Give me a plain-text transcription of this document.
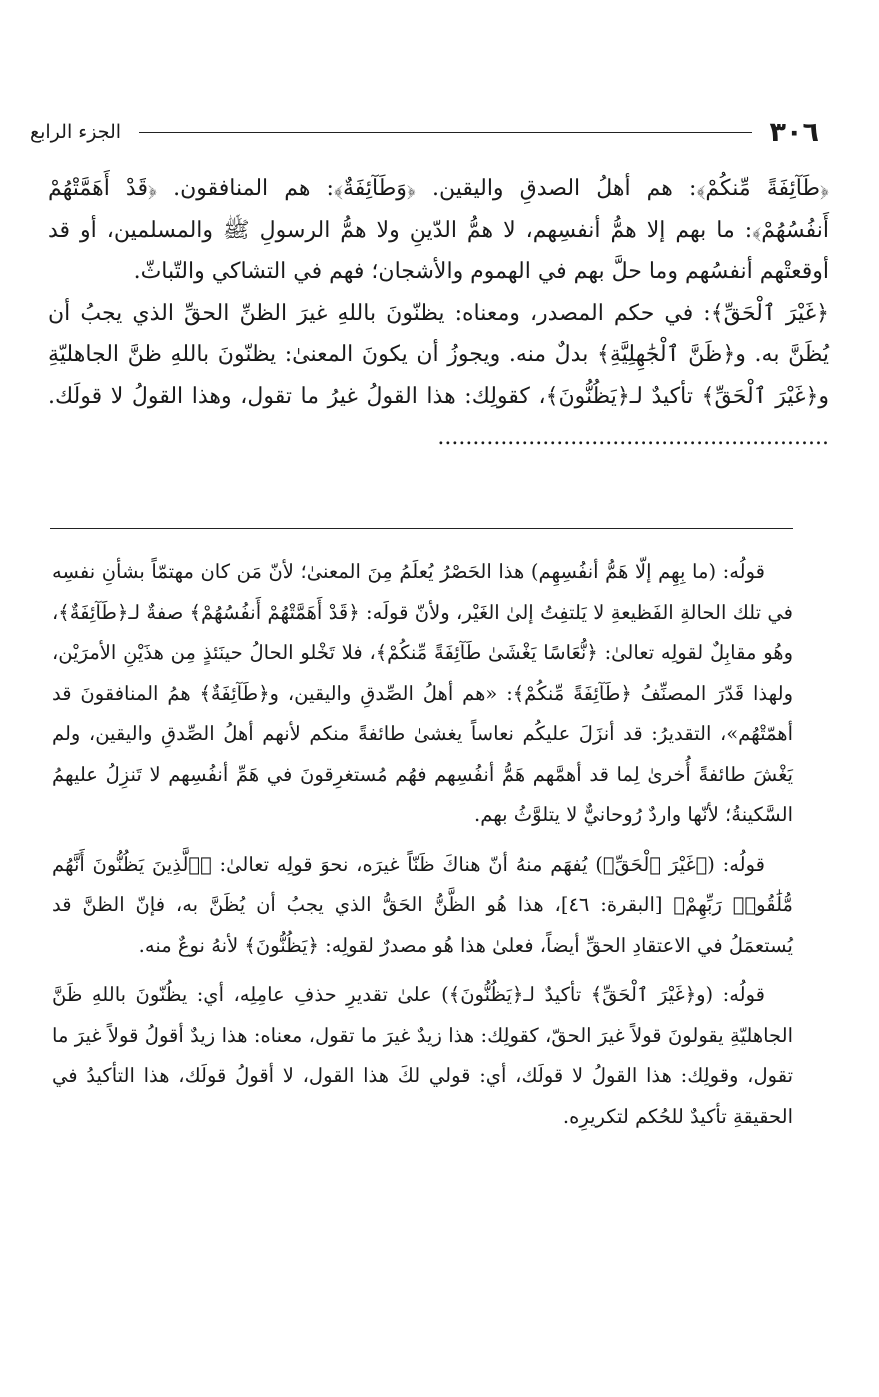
٣٠٦
الجزء الرابع

﴿طَآئِفَةً مِّنكُمْ﴾: هم أهلُ الصدقِ واليقين. ﴿وَطَآئِفَةٌ﴾: هم المنافقون. ﴿قَدْ أَهَمَّتْهُمْ أَنفُسُهُمْ﴾: ما بهم إلا همُّ أنفسِهم، لا همُّ الدّينِ ولا همُّ الرسولِ ﷺ والمسلمين، أو قد أوقعتْهم أنفسُهم وما حلَّ بهم في الهموم والأشجان؛ فهم في التشاكي والتّباثّ.

﴿غَيْرَ ٱلْحَقِّ﴾: في حكم المصدر، ومعناه: يظنّونَ باللهِ غيرَ الظنِّ الحقِّ الذي يجبُ أن يُظَنَّ به. و﴿ظَنَّ ٱلْجَٰهِلِيَّةِ﴾ بدلٌ منه. ويجوزُ أن يكونَ المعنىٰ: يظنّونَ باللهِ ظنَّ الجاهليّةِ و﴿غَيْرَ ٱلْحَقِّ﴾ تأكيدٌ لـ﴿يَظُنُّونَ﴾، كقولِك: هذا القولُ غيرُ ما تقول، وهذا القولُ لا قولَك. ........................................................

قولُه: (ما بِهِم إلّا هَمُّ أنفُسِهِم) هذا الحَصْرُ يُعلَمُ مِنَ المعنىٰ؛ لأنّ مَن كان مهتمّاً بشأنِ نفسِه في تلك الحالةِ الفَظيعةِ لا يَلتفِتُ إلىٰ الغَيْر، ولأنّ قولَه: ﴿قَدْ أَهَمَّتْهُمْ أَنفُسُهُمْ﴾ صفةٌ لـ﴿طَآئِفَةٌ﴾، وهُو مقابِلٌ لقولِه تعالىٰ: ﴿نُّعَاسًا يَغْشَىٰ طَآئِفَةً مِّنكُمْ﴾، فلا تَخْلو الحالُ حينَئذٍ مِن هذَيْنِ الأمرَيْن، ولهذا قَدّرَ المصنِّفُ ﴿طَآئِفَةً مِّنكُمْ﴾: «هم أهلُ الصِّدقِ واليقين، و﴿طَآئِفَةٌ﴾ همُ المنافقونَ قد أهمّتْهُم»، التقديرُ: قد أنزَلَ عليكُم نعاساً يغشىٰ طائفةً منكم لأنهم أهلُ الصِّدقِ واليقين، ولم يَغْشَ طائفةً أُخرىٰ لِما قد أهمَّهم هَمُّ أنفُسِهم فهُم مُستغرِقونَ في هَمِّ أنفُسِهم لا تَنزِلُ عليهمُ السَّكينةُ؛ لأنّها واردٌ رُوحانيٌّ لا يتلوَّثُ بهم.

قولُه: (﴿غَيْرَ ٱلْحَقِّ﴾) يُفهَم منهُ أنّ هناكَ ظَنّاً غيرَه، نحوَ قولِه تعالىٰ: ﴿ٱلَّذِينَ يَظُنُّونَ أَنَّهُم مُّلَٰقُوا۟ رَبِّهِمْ﴾ [البقرة: ٤٦]، هذا هُو الظَّنُّ الحَقُّ الذي يجبُ أن يُظَنَّ به، فإنّ الظنَّ قد يُستعمَلُ في الاعتقادِ الحقِّ أيضاً، فعلىٰ هذا هُو مصدرٌ لقولِه: ﴿يَظُنُّونَ﴾ لأنهُ نوعٌ منه.

قولُه: (و﴿غَيْرَ ٱلْحَقِّ﴾ تأكيدٌ لـ﴿يَظُنُّونَ﴾) علىٰ تقديرِ حذفِ عامِلِه، أي: يظُنّونَ باللهِ ظَنَّ الجاهليّةِ يقولونَ قولاً غيرَ الحقّ، كقولِك: هذا زيدٌ غيرَ ما تقول، معناه: هذا زيدٌ أقولُ قولاً غيرَ ما تقول، وقولِك: هذا القولُ لا قولَك، أي: قولي لكَ هذا القول، لا أقولُ قولَك، هذا التأكيدُ في الحقيقةِ تأكيدٌ للحُكم لتكريرِه.
